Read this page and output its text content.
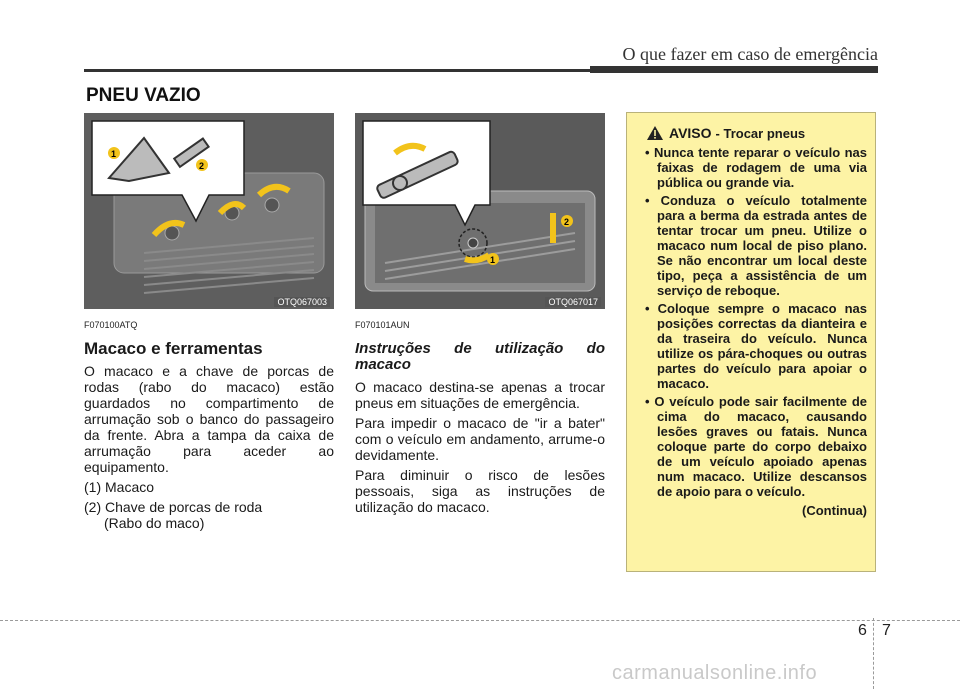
O que fazer em caso de emergência
PNEU VAZIO
1
2
OTQ067003
1
2
OTQ067017
F070100ATQ
Macaco e ferramentas

O macaco e a chave de porcas de rodas (rabo do macaco) estão guardados no compartimento de arrumação sob o banco do passageiro da frente. Abra a tampa da caixa de arrumação para aceder ao equipamento.

(1) Macaco
(2) Chave de porcas de roda
(Rabo do maco)
F070101AUN
Instruções de utilização do macaco

O macaco destina-se apenas a trocar pneus em situações de emergência.

Para impedir o macaco de "ir a bater" com o veículo em andamento, arrume-o devidamente.

Para diminuir o risco de lesões pessoais, siga as instruções de utilização do macaco.

AVISO - Trocar pneus
• Nunca tente reparar o veículo nas faixas de rodagem de uma via pública ou grande via.
• Conduza o veículo totalmente para a berma da estrada antes de tentar trocar um pneu. Utilize o macaco num local de piso plano. Se não encontrar um local deste tipo, peça a assistência de um serviço de reboque.
• Coloque sempre o macaco nas posições correctas da dianteira e da traseira do veículo. Nunca utilize os pára-choques ou outras partes do veículo para apoiar o macaco.
• O veículo pode sair facilmente de cima do macaco, causando lesões graves ou fatais. Nunca coloque parte do corpo debaixo de um veículo apoiado apenas num macaco. Utilize descansos de apoio para o veículo.
(Continua)
6 7
carmanualsonline.info
